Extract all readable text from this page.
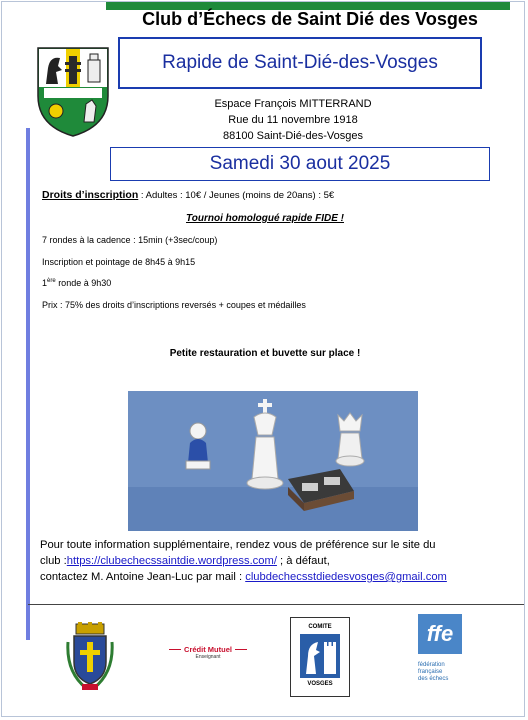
Club d’Échecs de Saint Dié des Vosges
Rapide de Saint-Dié-des-Vosges
Espace François MITTERRAND
Rue du 11 novembre 1918
88100 Saint-Dié-des-Vosges
Samedi 30 aout 2025
Droits d’inscription : Adultes : 10€ / Jeunes (moins de 20ans) : 5€
Tournoi homologué rapide FIDE !
7 rondes à la cadence : 15min (+3sec/coup)
Inscription et pointage de 8h45 à 9h15
1ère ronde à 9h30
Prix : 75% des droits d’inscriptions reversés + coupes et médailles
Petite restauration et buvette sur place !
Pour toute information supplémentaire, rendez vous de préférence sur le site du
club :https://clubechecssaintdie.wordpress.com/ ; à défaut,
contactez M. Antoine Jean-Luc par mail : clubdechecsstdiedesvosges@gmail.com
Crédit Mutuel
Enseignant
COMITE
VOSGES
ffe
fédération
française
des échecs
